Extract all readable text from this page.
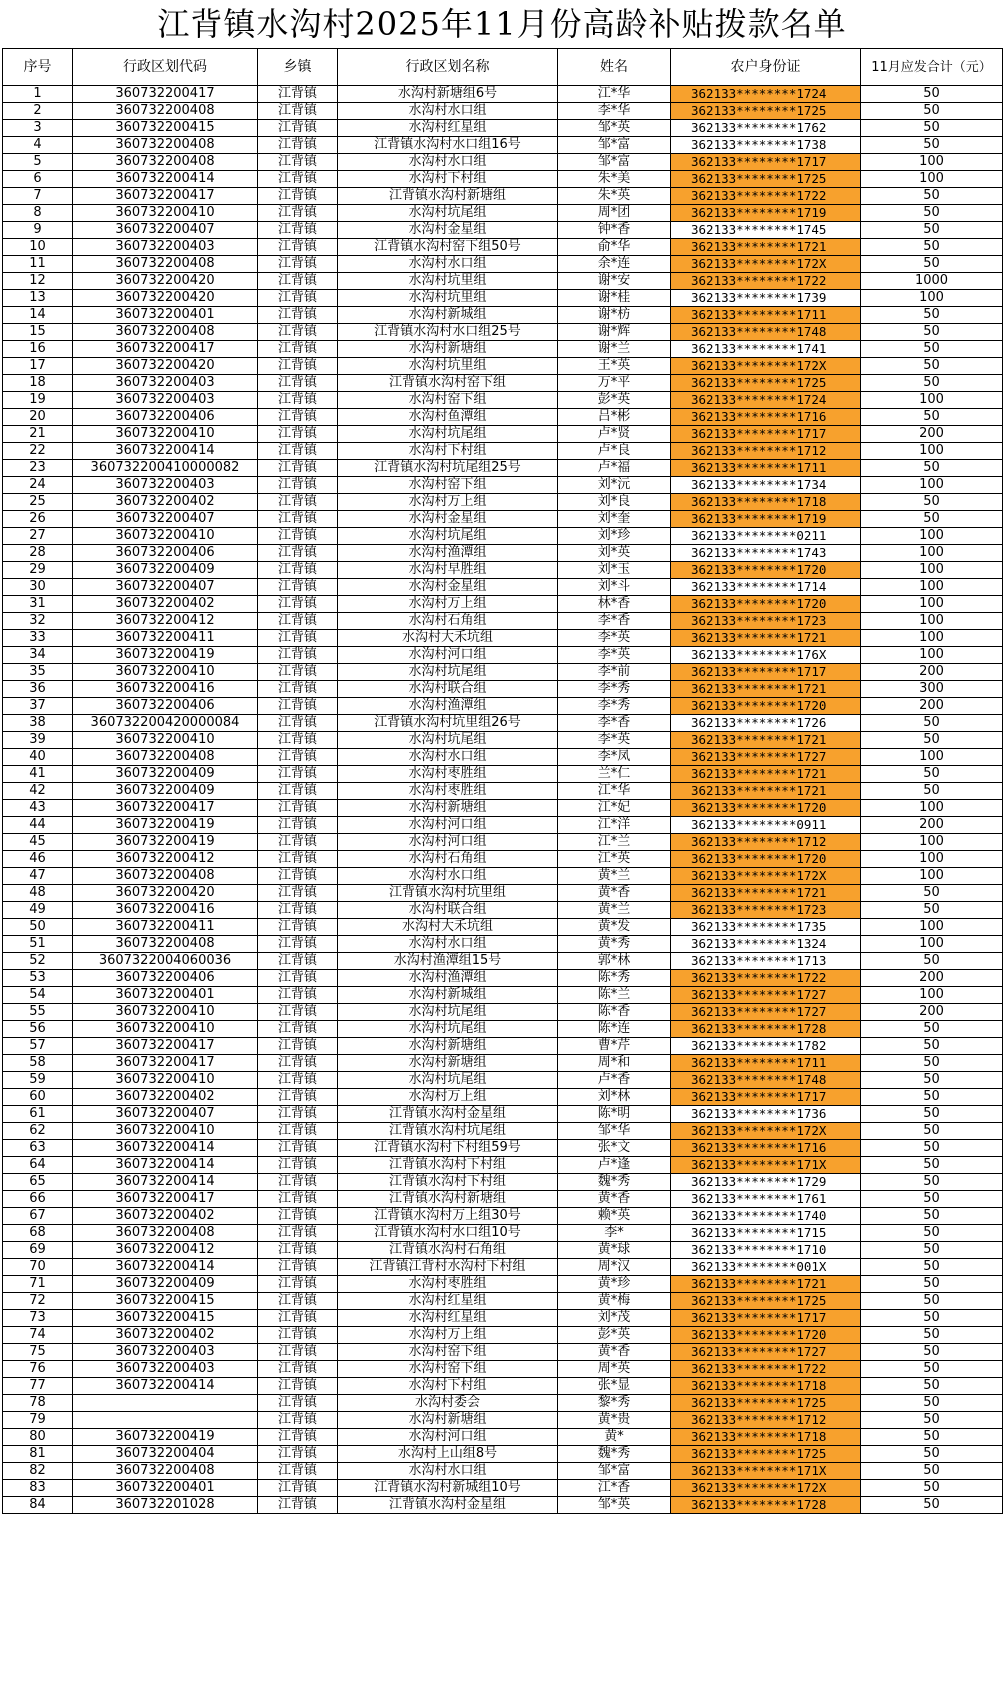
江背镇水沟村2025年11月份高龄补贴拨款名单
序号	行政区划代码	乡镇	行政区划名称	姓名	农户身份证	11月应发合计（元）
1	360732200417	江背镇	水沟村新塘组6号	江*华	362133********1724	50
2	360732200408	江背镇	水沟村水口组	李*华	362133********1725	50
3	360732200415	江背镇	水沟村红星组	邹*英	362133********1762	50
4	360732200408	江背镇	江背镇水沟村水口组16号	邹*富	362133********1738	50
5	360732200408	江背镇	水沟村水口组	邹*富	362133********1717	100
6	360732200414	江背镇	水沟村下村组	朱*美	362133********1725	100
7	360732200417	江背镇	江背镇水沟村新塘组	朱*英	362133********1722	50
8	360732200410	江背镇	水沟村坑尾组	周*团	362133********1719	50
9	360732200407	江背镇	水沟村金星组	钟*香	362133********1745	50
10	360732200403	江背镇	江背镇水沟村窑下组50号	俞*华	362133********1721	50
11	360732200408	江背镇	水沟村水口组	余*连	362133********172X	50
12	360732200420	江背镇	水沟村坑里组	谢*安	362133********1722	1000
13	360732200420	江背镇	水沟村坑里组	谢*桂	362133********1739	100
14	360732200401	江背镇	水沟村新城组	谢*枋	362133********1711	50
15	360732200408	江背镇	江背镇水沟村水口组25号	谢*辉	362133********1748	50
16	360732200417	江背镇	水沟村新塘组	谢*兰	362133********1741	50
17	360732200420	江背镇	水沟村坑里组	王*英	362133********172X	50
18	360732200403	江背镇	江背镇水沟村窑下组	万*平	362133********1725	50
19	360732200403	江背镇	水沟村窑下组	彭*英	362133********1724	100
20	360732200406	江背镇	水沟村鱼潭组	吕*彬	362133********1716	50
21	360732200410	江背镇	水沟村坑尾组	卢*贤	362133********1717	200
22	360732200414	江背镇	水沟村下村组	卢*良	362133********1712	100
23	360732200410000082	江背镇	江背镇水沟村坑尾组25号	卢*福	362133********1711	50
24	360732200403	江背镇	水沟村窑下组	刘*沅	362133********1734	100
25	360732200402	江背镇	水沟村万上组	刘*良	362133********1718	50
26	360732200407	江背镇	水沟村金星组	刘*奎	362133********1719	50
27	360732200410	江背镇	水沟村坑尾组	刘*珍	362133********0211	100
28	360732200406	江背镇	水沟村渔潭组	刘*英	362133********1743	100
29	360732200409	江背镇	水沟村早胜组	刘*玉	362133********1720	100
30	360732200407	江背镇	水沟村金星组	刘*斗	362133********1714	100
31	360732200402	江背镇	水沟村万上组	林*香	362133********1720	100
32	360732200412	江背镇	水沟村石角组	李*香	362133********1723	100
33	360732200411	江背镇	水沟村大禾坑组	李*英	362133********1721	100
34	360732200419	江背镇	水沟村河口组	李*英	362133********176X	100
35	360732200410	江背镇	水沟村坑尾组	李*前	362133********1717	200
36	360732200416	江背镇	水沟村联合组	李*秀	362133********1721	300
37	360732200406	江背镇	水沟村渔潭组	李*秀	362133********1720	200
38	360732200420000084	江背镇	江背镇水沟村坑里组26号	李*香	362133********1726	50
39	360732200410	江背镇	水沟村坑尾组	李*英	362133********1721	50
40	360732200408	江背镇	水沟村水口组	李*凤	362133********1727	100
41	360732200409	江背镇	水沟村枣胜组	兰*仁	362133********1721	50
42	360732200409	江背镇	水沟村枣胜组	江*华	362133********1721	50
43	360732200417	江背镇	水沟村新塘组	江*妃	362133********1720	100
44	360732200419	江背镇	水沟村河口组	江*洋	362133********0911	200
45	360732200419	江背镇	水沟村河口组	江*兰	362133********1712	100
46	360732200412	江背镇	水沟村石角组	江*英	362133********1720	100
47	360732200408	江背镇	水沟村水口组	黄*兰	362133********172X	100
48	360732200420	江背镇	江背镇水沟村坑里组	黄*香	362133********1721	50
49	360732200416	江背镇	水沟村联合组	黄*兰	362133********1723	50
50	360732200411	江背镇	水沟村大禾坑组	黄*发	362133********1735	100
51	360732200408	江背镇	水沟村水口组	黄*秀	362133********1324	100
52	3607322004060036	江背镇	水沟村渔潭组15号	郭*林	362133********1713	50
53	360732200406	江背镇	水沟村渔潭组	陈*秀	362133********1722	200
54	360732200401	江背镇	水沟村新城组	陈*兰	362133********1727	100
55	360732200410	江背镇	水沟村坑尾组	陈*香	362133********1727	200
56	360732200410	江背镇	水沟村坑尾组	陈*连	362133********1728	50
57	360732200417	江背镇	水沟村新塘组	曹*芹	362133********1782	50
58	360732200417	江背镇	水沟村新塘组	周*和	362133********1711	50
59	360732200410	江背镇	水沟村坑尾组	卢*香	362133********1748	50
60	360732200402	江背镇	水沟村万上组	刘*林	362133********1717	50
61	360732200407	江背镇	江背镇水沟村金星组	陈*明	362133********1736	50
62	360732200410	江背镇	江背镇水沟村坑尾组	邹*华	362133********172X	50
63	360732200414	江背镇	江背镇水沟村下村组59号	张*文	362133********1716	50
64	360732200414	江背镇	江背镇水沟村下村组	卢*逢	362133********171X	50
65	360732200414	江背镇	江背镇水沟村下村组	魏*秀	362133********1729	50
66	360732200417	江背镇	江背镇水沟村新塘组	黄*香	362133********1761	50
67	360732200402	江背镇	江背镇水沟村万上组30号	赖*英	362133********1740	50
68	360732200408	江背镇	江背镇水沟村水口组10号	李*	362133********1715	50
69	360732200412	江背镇	江背镇水沟村石角组	黄*球	362133********1710	50
70	360732200414	江背镇	江背镇江背村水沟村下村组	周*汉	362133********001X	50
71	360732200409	江背镇	水沟村枣胜组	黄*珍	362133********1721	50
72	360732200415	江背镇	水沟村红星组	黄*梅	362133********1725	50
73	360732200415	江背镇	水沟村红星组	刘*茂	362133********1717	50
74	360732200402	江背镇	水沟村万上组	彭*英	362133********1720	50
75	360732200403	江背镇	水沟村窑下组	黄*香	362133********1727	50
76	360732200403	江背镇	水沟村窑下组	周*英	362133********1722	50
77	360732200414	江背镇	水沟村下村组	张*显	362133********1718	50
78		江背镇	水沟村委会	黎*秀	362133********1725	50
79		江背镇	水沟村新塘组	黄*贵	362133********1712	50
80	360732200419	江背镇	水沟村河口组	黄*	362133********1718	50
81	360732200404	江背镇	水沟村上山组8号	魏*秀	362133********1725	50
82	360732200408	江背镇	水沟村水口组	邹*富	362133********171X	50
83	360732200401	江背镇	江背镇水沟村新城组10号	江*香	362133********172X	50
84	360732201028	江背镇	江背镇水沟村金星组	邹*英	362133********1728	50
